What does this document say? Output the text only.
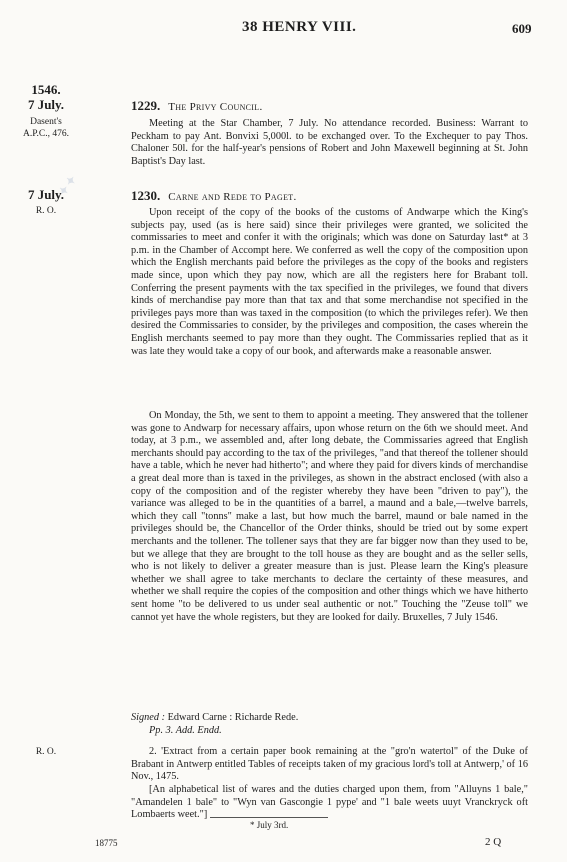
✦✦
38 HENRY VIII.	609
1546.
7 July.
Dasent's
A.P.C., 476.
1229. The Privy Council.
Meeting at the Star Chamber, 7 July. No attendance recorded. Business: Warrant to Peckham to pay Ant. Bonvixi 5,000l. to be exchanged over. To the Exchequer to pay Thos. Chaloner 50l. for the half-year's pensions of Robert and John Maxewell beginning at St. John Baptist's Day last.
7 July.
R. O.
1230. Carne and Rede to Paget.
Upon receipt of the copy of the books of the customs of Andwarpe which the King's subjects pay, used (as is here said) since their privileges were granted, we solicited the commissaries to meet and confer it with the originals; which was done on Saturday last* at 3 p.m. in the Chamber of Accompt here. We conferred as well the copy of the composition upon which the English merchants paid before the privileges as the copy of the books and registers made since, upon which they pay now, which are all the registers here for Brabant toll. Conferring the present payments with the tax specified in the privileges, we found that divers kinds of merchandise pay more than that tax and that some merchandise not specified in the privileges pays more than was taxed in the composition (to which the privileges refer). We then desired the Commissaries to consider, by the privileges and composition, the cases wherein the English merchants seemed to pay more than they ought. The Commissaries replied that as it was late they would take a copy of our book, and afterwards make a reasonable answer.
On Monday, the 5th, we sent to them to appoint a meeting. They answered that the tollener was gone to Andwarp for necessary affairs, upon whose return on the 6th we should meet. And today, at 3 p.m., we assembled and, after long debate, the Commissaries agreed that English merchants should pay according to the tax of the privileges, "and that thereof the tollener should have a table, which he never had hitherto"; and where they paid for divers kinds of merchandise a great deal more than is taxed in the privileges, as shown in the abstract enclosed (with also a copy of the composition and of the register whereby they have been "driven to pay"), the variance was alleged to be in the quantities of a barrel, a maund and a bale,—twelve barrels, which they call "tonns" make a last, but how much the barrel, maund or bale named in the privileges should be, the Chancellor of the Order thinks, should be tried out by some expert merchants and the tollener. The tollener says that they are far bigger now than they used to be, but we allege that they are brought to the toll house as they are bought and as the seller sells, who is not likely to deliver a greater measure than is just. Please learn the King's pleasure whether we shall agree to take merchants to declare the certainty of these measures, and whether we shall require the copies of the composition and other things which we have hitherto sent home "to be delivered to us under seal authentic or not." Touching the "Zeuse toll" we cannot yet have the whole registers, but they are looked for daily. Bruxelles, 7 July 1546.
Signed : Edward Carne : Richarde Rede.
Pp. 3. Add. Endd.
R. O.	2. 'Extract from a certain paper book remaining at the "gro'n watertol" of the Duke of Brabant in Antwerp entitled Tables of receipts taken of my gracious lord's toll at Antwerp,' of 16 Nov., 1475.
[An alphabetical list of wares and the duties charged upon them, from "Alluyns 1 bale," "Amandelen 1 bale" to "Wyn van Gascongie 1 pype' and "1 bale weets uuyt Vranckryck oft Lombaerts weet."]
* July 3rd.
18775	2 Q
